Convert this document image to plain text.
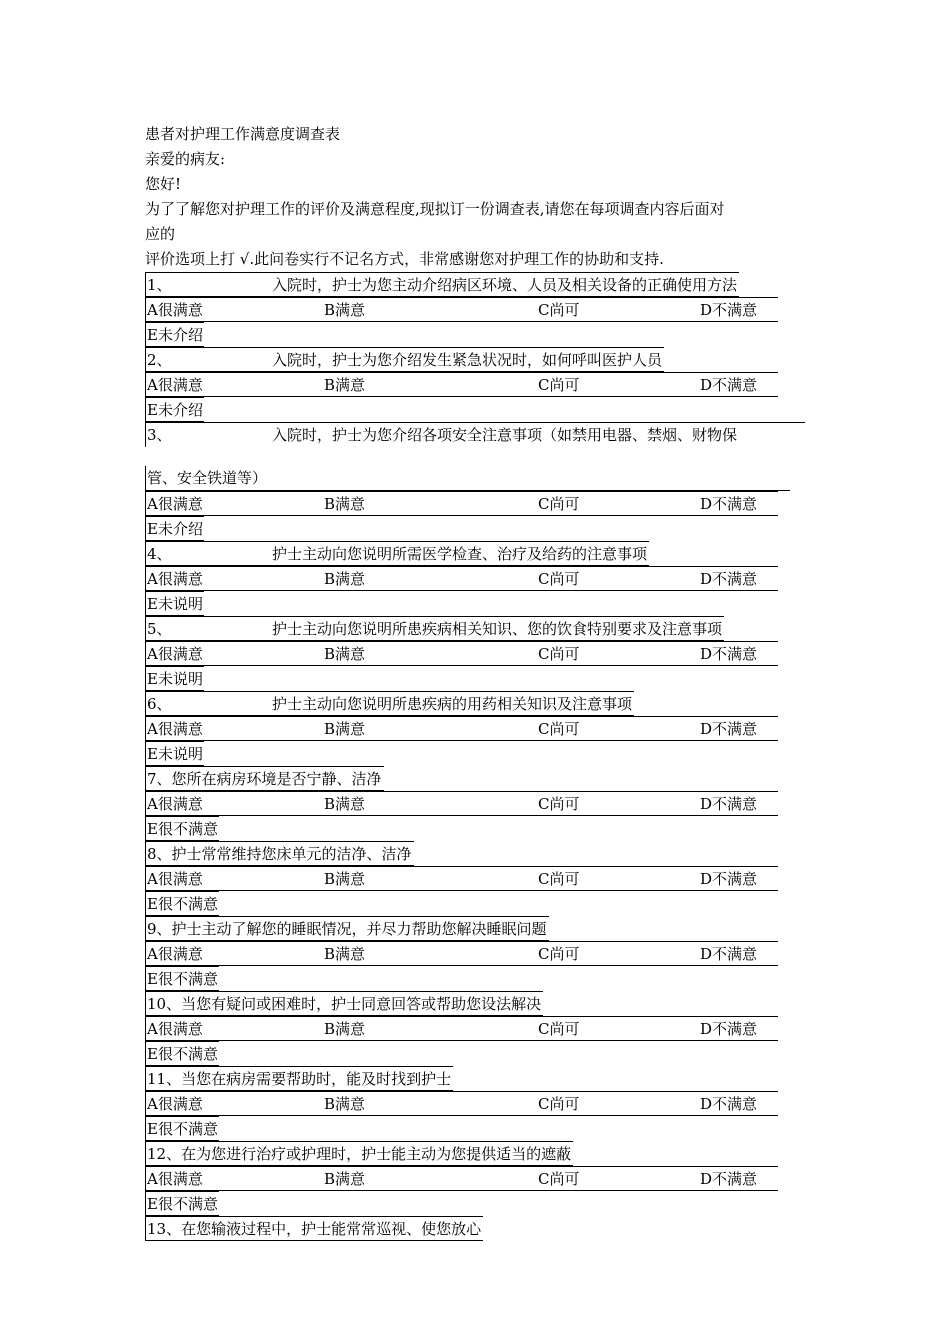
患者对护理工作满意度调查表
亲爱的病友:
您好!
为了了解您对护理工作的评价及满意程度,现拟订一份调查表,请您在每项调查内容后面对
应的
评价选项上打 √.此问卷实行不记名方式，非常感谢您对护理工作的协助和支持.
1、	入院时，护士为您主动介绍病区环境、人员及相关设备的正确使用方法

A很满意	B满意	C尚可	D不满意
E未介绍
2、	入院时，护士为您介绍发生紧急状况时，如何呼叫医护人员

A很满意	B满意	C尚可	D不满意
E未介绍
3、	入院时，护士为您介绍各项安全注意事项（如禁用电器、禁烟、财物保

管、安全铁道等）

A很满意	B满意	C尚可	D不满意
E未介绍
4、	护士主动向您说明所需医学检查、治疗及给药的注意事项

A很满意	B满意	C尚可	D不满意
E未说明
5、	护士主动向您说明所患疾病相关知识、您的饮食特别要求及注意事项

A很满意	B满意	C尚可	D不满意
E未说明
6、	护士主动向您说明所患疾病的用药相关知识及注意事项

A很满意	B满意	C尚可	D不满意
E未说明
7、您所在病房环境是否宁静、洁净

A很满意	B满意	C尚可	D不满意
E很不满意
8、护士常常维持您床单元的洁净、洁净

A很满意	B满意	C尚可	D不满意
E很不满意
9、护士主动了解您的睡眠情况，并尽力帮助您解决睡眠问题

A很满意	B满意	C尚可	D不满意
E很不满意
10、当您有疑问或困难时，护士同意回答或帮助您设法解决

A很满意	B满意	C尚可	D不满意
E很不满意
11、当您在病房需要帮助时，能及时找到护士

A很满意	B满意	C尚可	D不满意
E很不满意
12、在为您进行治疗或护理时，护士能主动为您提供适当的遮蔽

A很满意	B满意	C尚可	D不满意
E很不满意
13、在您输液过程中，护士能常常巡视、使您放心
